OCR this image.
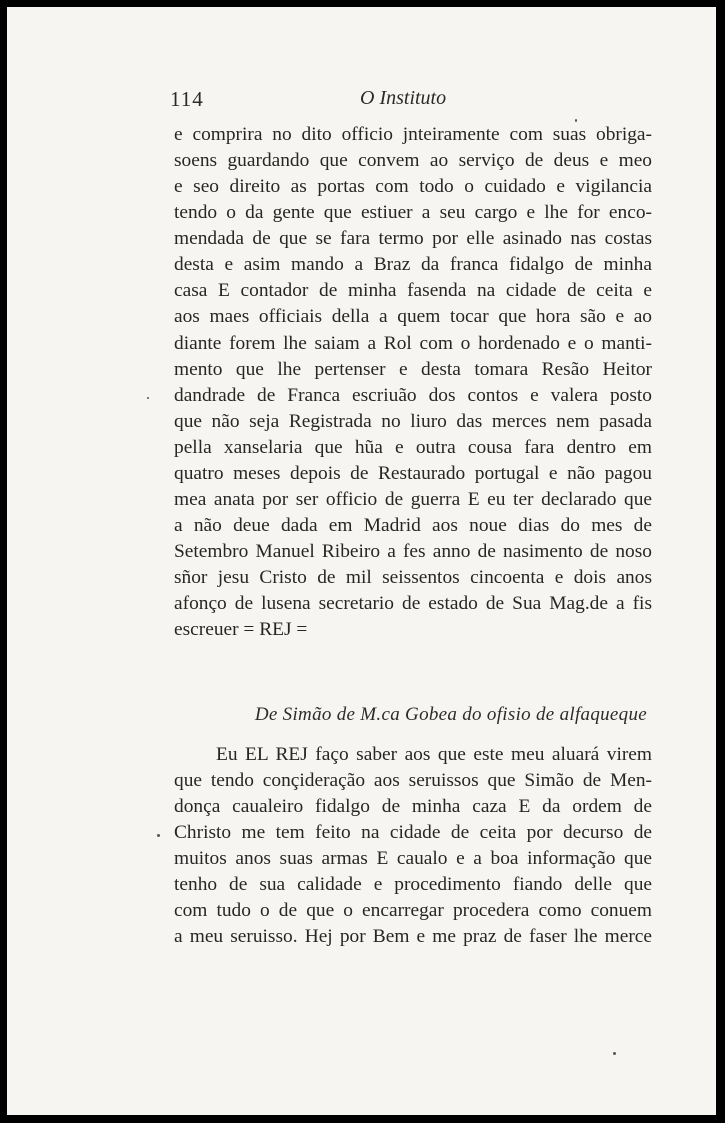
114	O Instituto
e comprira no dito officio jnteiramente com suas obriga-
soens guardando que convem ao serviço de deus e meo
e seo direito as portas com todo o cuidado e vigilancia
tendo o da gente que estiuer a seu cargo e lhe for enco-
mendada de que se fara termo por elle asinado nas costas
desta e asim mando a Braz da franca fidalgo de minha
casa E contador de minha fasenda na cidade de ceita e
aos maes officiais della a quem tocar que hora são e ao
diante forem lhe saiam a Rol com o hordenado e o manti-
mento que lhe pertenser e desta tomara Resão Heitor
dandrade de Franca escriuão dos contos e valera posto
que não seja Registrada no liuro das merces nem pasada
pella xanselaria que hũa e outra cousa fara dentro em
quatro meses depois de Restaurado portugal e não pagou
mea anata por ser officio de guerra E eu ter declarado que
a não deue dada em Madrid aos noue dias do mes de
Setembro Manuel Ribeiro a fes anno de nasimento de noso
sñor jesu Cristo de mil seissentos cincoenta e dois anos
afonço de lusena secretario de estado de Sua Mag.de a fis
escreuer = REJ =
De Simão de M.ca Gobea do ofisio de alfaqueque
Eu EL REJ faço saber aos que este meu aluará virem
que tendo conçideração aos seruissos que Simão de Men-
donça caualeiro fidalgo de minha caza E da ordem de
Christo me tem feito na cidade de ceita por decurso de
muitos anos suas armas E caualo e a boa informação que
tenho de sua calidade e procedimento fiando delle que
com tudo o de que o encarregar procedera como conuem
a meu seruisso. Hej por Bem e me praz de faser lhe merce
